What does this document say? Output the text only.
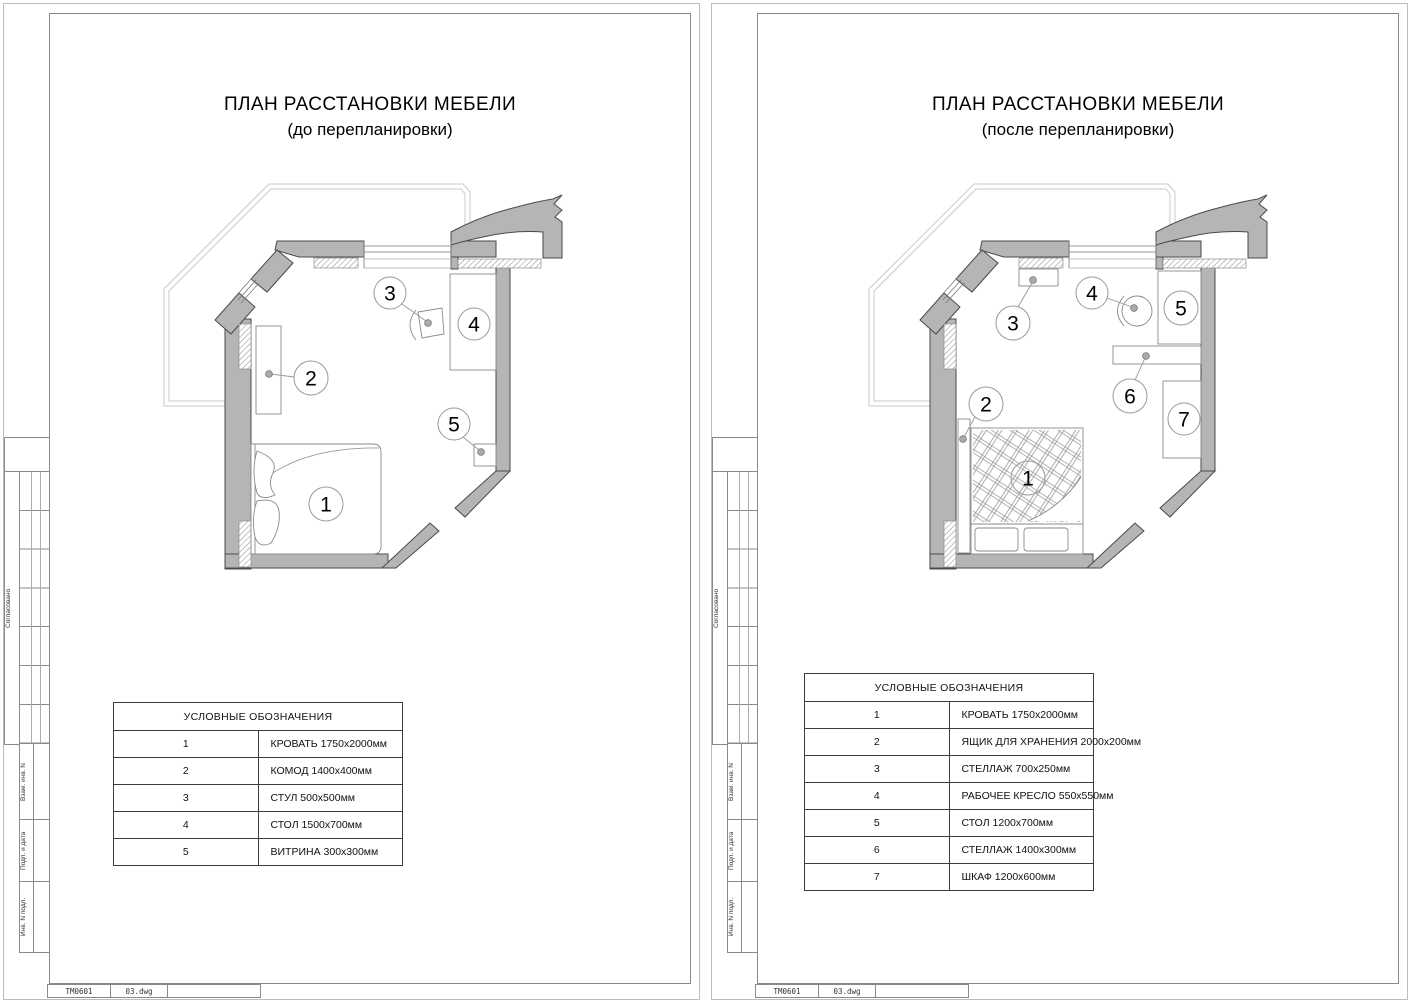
ПЛАН РАССТАНОВКИ МЕБЕЛИ
(до перепланировки)
1
2
3
4
5
УСЛОВНЫЕ ОБОЗНАЧЕНИЯ	
1	КРОВАТЬ 1750х2000мм
2	КОМОД 1400х400мм
3	СТУЛ 500х500мм
4	СТОЛ 1500х700мм
5	ВИТРИНА 300х300мм
Согласовано
Взам. инв. N
Подп. и дата
Инв. N подл.
ТМ0601	03.dwg
ПЛАН РАССТАНОВКИ МЕБЕЛИ
(после перепланировки)
1
2
3
4
5
6
7
УСЛОВНЫЕ ОБОЗНАЧЕНИЯ	
1	КРОВАТЬ 1750х2000мм
2	ЯЩИК ДЛЯ ХРАНЕНИЯ 2000х200мм
3	СТЕЛЛАЖ 700х250мм
4	РАБОЧЕЕ КРЕСЛО 550х550мм
5	СТОЛ 1200х700мм
6	СТЕЛЛАЖ 1400х300мм
7	ШКАФ 1200х600мм
Согласовано
Взам. инв. N
Подп. и дата
Инв. N подл.
ТМ0601	03.dwg
